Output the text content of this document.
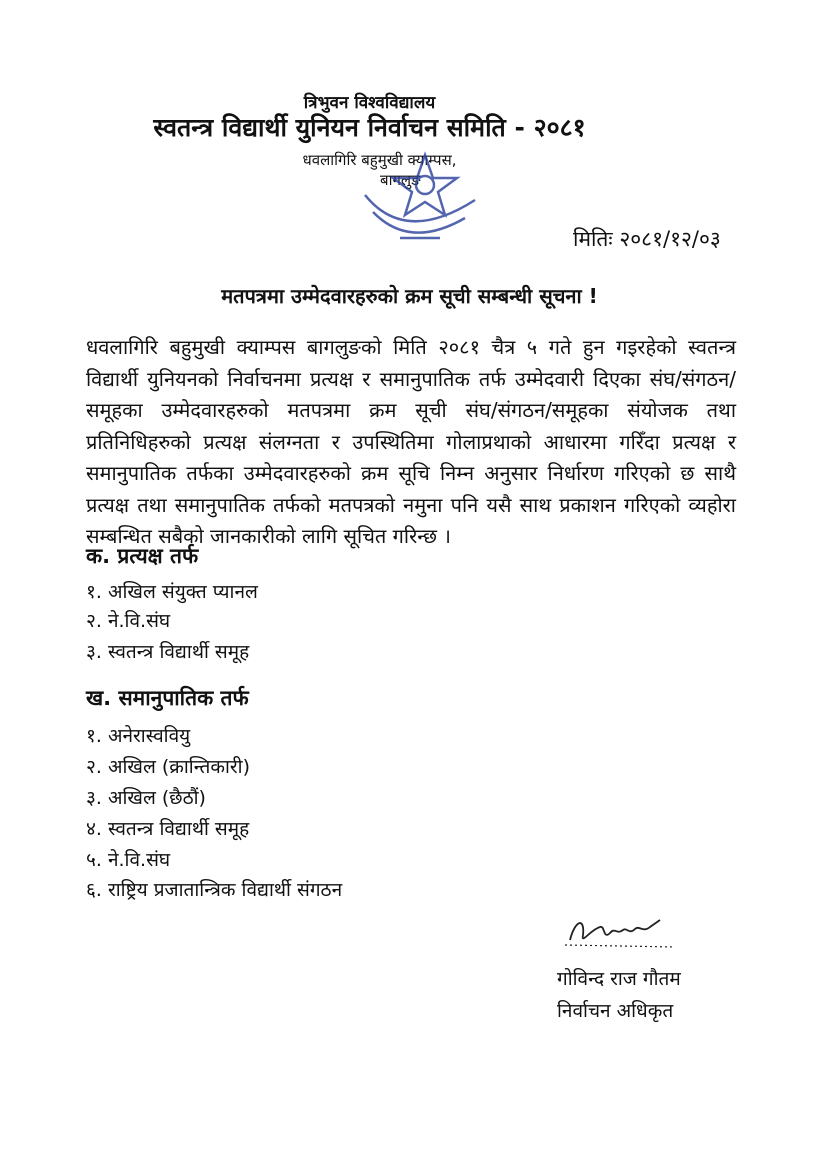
त्रिभुवन विश्वविद्यालय
स्वतन्त्र विद्यार्थी युनियन निर्वाचन समिति - २०८१
धवलागिरि बहुमुखी क्याम्पस,
बागलुङ
मितिः २०८१/१२/०३
मतपत्रमा उम्मेदवारहरुको क्रम सूची सम्बन्धी सूचना !
धवलागिरि बहुमुखी क्याम्पस बागलुङको मिति २०८१ चैत्र ५ गते हुन गइरहेको स्वतन्त्र विद्यार्थी युनियनको निर्वाचनमा प्रत्यक्ष र समानुपातिक तर्फ उम्मेदवारी दिएका संघ/संगठन/समूहका उम्मेदवारहरुको मतपत्रमा क्रम सूची संघ/संगठन/समूहका संयोजक तथा प्रतिनिधिहरुको प्रत्यक्ष संलग्नता र उपस्थितिमा गोलाप्रथाको आधारमा गरिँदा प्रत्यक्ष र समानुपातिक तर्फका उम्मेदवारहरुको क्रम सूचि निम्न अनुसार निर्धारण गरिएको छ साथै प्रत्यक्ष तथा समानुपातिक तर्फको मतपत्रको नमुना पनि यसै साथ प्रकाशन गरिएको व्यहोरा सम्बन्धित सबैको जानकारीको लागि सूचित गरिन्छ ।
क. प्रत्यक्ष तर्फ
१. अखिल संयुक्त प्यानल
२. ने.वि.संघ
३. स्वतन्त्र विद्यार्थी समूह
ख. समानुपातिक तर्फ
१. अनेरास्ववियु
२. अखिल (क्रान्तिकारी)
३. अखिल (छैठौं)
४. स्वतन्त्र विद्यार्थी समूह
५. ने.वि.संघ
६. राष्ट्रिय प्रजातान्त्रिक विद्यार्थी संगठन
गोविन्द राज गौतम
निर्वाचन अधिकृत
